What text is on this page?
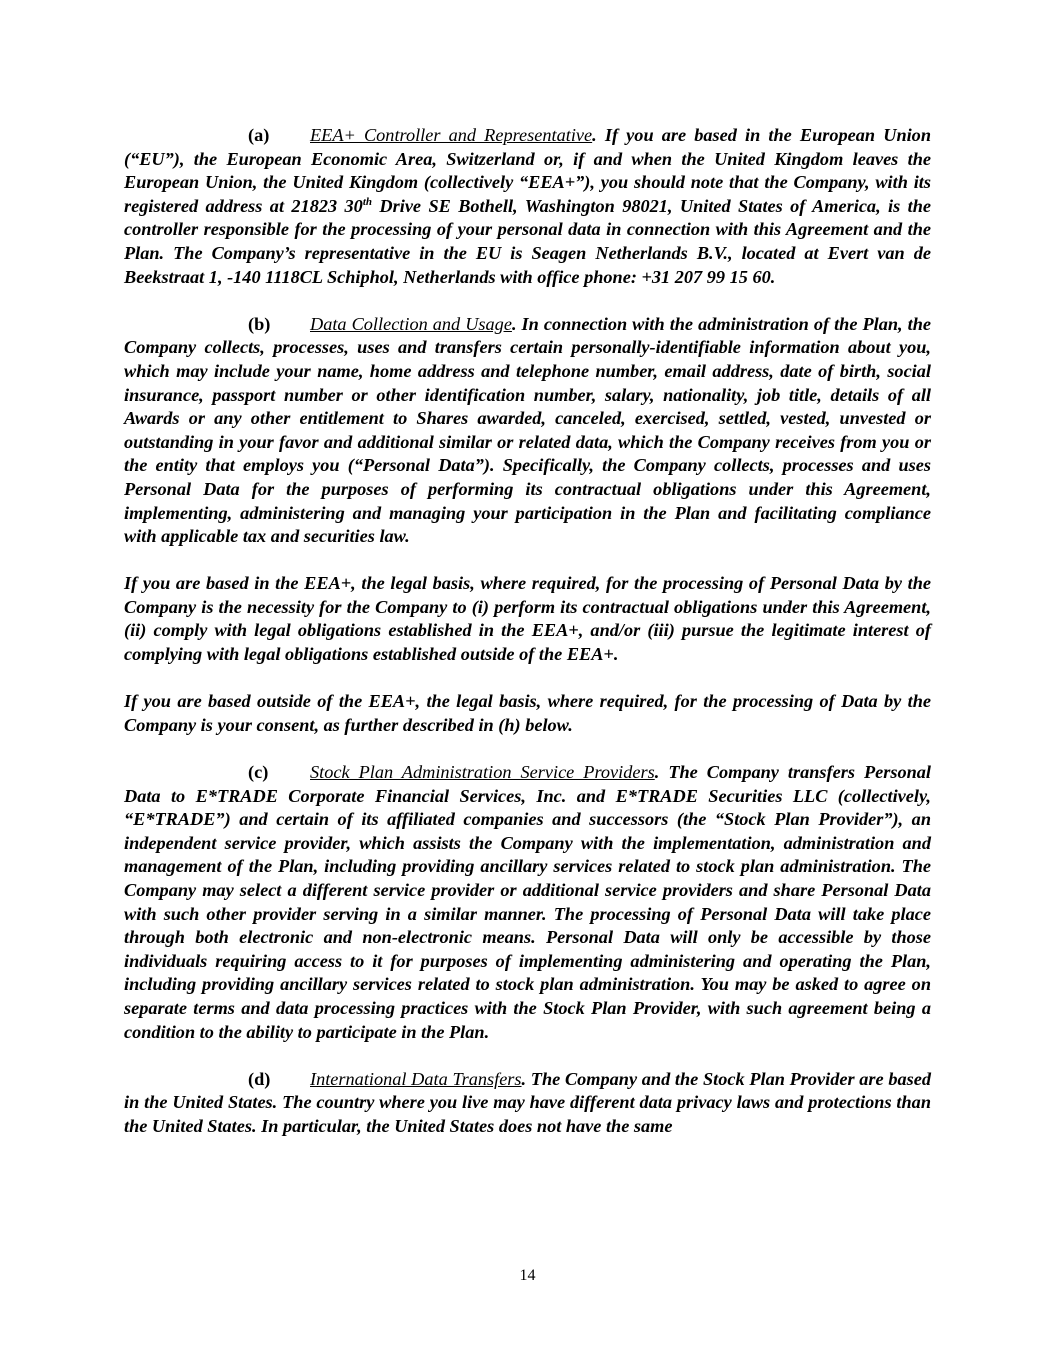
(a) EEA+ Controller and Representative. If you are based in the European Union (“EU”), the European Economic Area, Switzerland or, if and when the United Kingdom leaves the European Union, the United Kingdom (collectively “EEA+”), you should note that the Company, with its registered address at 21823 30th Drive SE Bothell, Washington 98021, United States of America, is the controller responsible for the processing of your personal data in connection with this Agreement and the Plan. The Company’s representative in the EU is Seagen Netherlands B.V., located at Evert van de Beekstraat 1, -140 1118CL Schiphol, Netherlands with office phone: +31 207 99 15 60.

(b) Data Collection and Usage. In connection with the administration of the Plan, the Company collects, processes, uses and transfers certain personally-identifiable information about you, which may include your name, home address and telephone number, email address, date of birth, social insurance, passport number or other identification number, salary, nationality, job title, details of all Awards or any other entitlement to Shares awarded, canceled, exercised, settled, vested, unvested or outstanding in your favor and additional similar or related data, which the Company receives from you or the entity that employs you (“Personal Data”). Specifically, the Company collects, processes and uses Personal Data for the purposes of performing its contractual obligations under this Agreement, implementing, administering and managing your participation in the Plan and facilitating compliance with applicable tax and securities law.

If you are based in the EEA+, the legal basis, where required, for the processing of Personal Data by the Company is the necessity for the Company to (i) perform its contractual obligations under this Agreement, (ii) comply with legal obligations established in the EEA+, and/or (iii) pursue the legitimate interest of complying with legal obligations established outside of the EEA+.

If you are based outside of the EEA+, the legal basis, where required, for the processing of Data by the Company is your consent, as further described in (h) below.

(c) Stock Plan Administration Service Providers. The Company transfers Personal Data to E*TRADE Corporate Financial Services, Inc. and E*TRADE Securities LLC (collectively, “E*TRADE”) and certain of its affiliated companies and successors (the “Stock Plan Provider”), an independent service provider, which assists the Company with the implementation, administration and management of the Plan, including providing ancillary services related to stock plan administration. The Company may select a different service provider or additional service providers and share Personal Data with such other provider serving in a similar manner. The processing of Personal Data will take place through both electronic and non-electronic means. Personal Data will only be accessible by those individuals requiring access to it for purposes of implementing administering and operating the Plan, including providing ancillary services related to stock plan administration. You may be asked to agree on separate terms and data processing practices with the Stock Plan Provider, with such agreement being a condition to the ability to participate in the Plan.

(d) International Data Transfers. The Company and the Stock Plan Provider are based in the United States. The country where you live may have different data privacy laws and protections than the United States. In particular, the United States does not have the same

14
